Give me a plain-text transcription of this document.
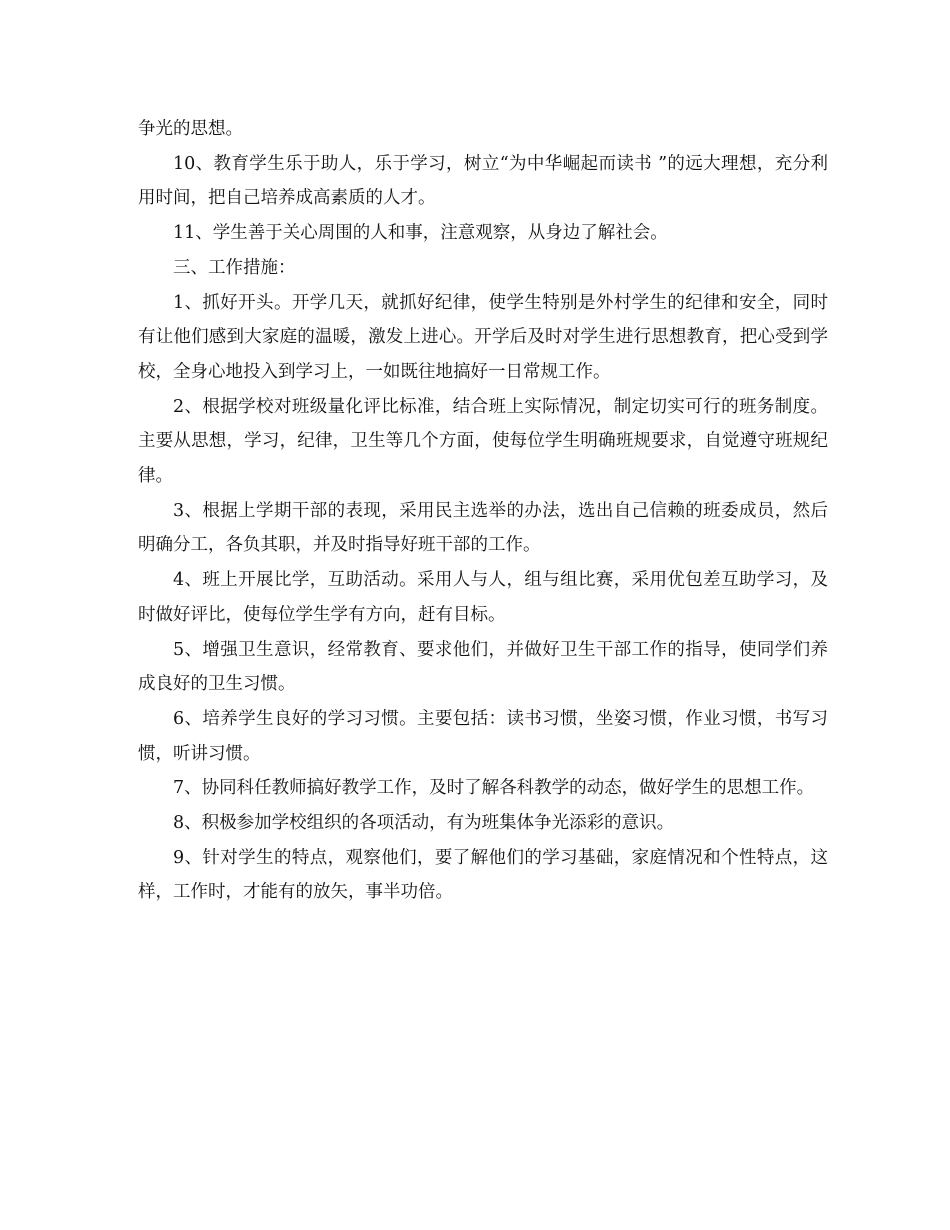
争光的思想。

10、教育学生乐于助人，乐于学习，树立“为中华崛起而读书 ”的远大理想，充分利用时间，把自己培养成高素质的人才。

11、学生善于关心周围的人和事，注意观察，从身边了解社会。

三、工作措施：

1、抓好开头。开学几天，就抓好纪律，使学生特别是外村学生的纪律和安全，同时有让他们感到大家庭的温暖，激发上进心。开学后及时对学生进行思想教育，把心受到学校，全身心地投入到学习上，一如既往地搞好一日常规工作。

2、根据学校对班级量化评比标准，结合班上实际情况，制定切实可行的班务制度。主要从思想，学习，纪律，卫生等几个方面，使每位学生明确班规要求，自觉遵守班规纪律。

3、根据上学期干部的表现，采用民主选举的办法，选出自己信赖的班委成员，然后明确分工，各负其职，并及时指导好班干部的工作。

4、班上开展比学，互助活动。采用人与人，组与组比赛，采用优包差互助学习，及时做好评比，使每位学生学有方向，赶有目标。

5、增强卫生意识，经常教育、要求他们，并做好卫生干部工作的指导，使同学们养成良好的卫生习惯。

6、培养学生良好的学习习惯。主要包括：读书习惯，坐姿习惯，作业习惯，书写习惯，听讲习惯。

7、协同科任教师搞好教学工作，及时了解各科教学的动态，做好学生的思想工作。

8、积极参加学校组织的各项活动，有为班集体争光添彩的意识。

9、针对学生的特点，观察他们，要了解他们的学习基础，家庭情况和个性特点，这样，工作时，才能有的放矢，事半功倍。
